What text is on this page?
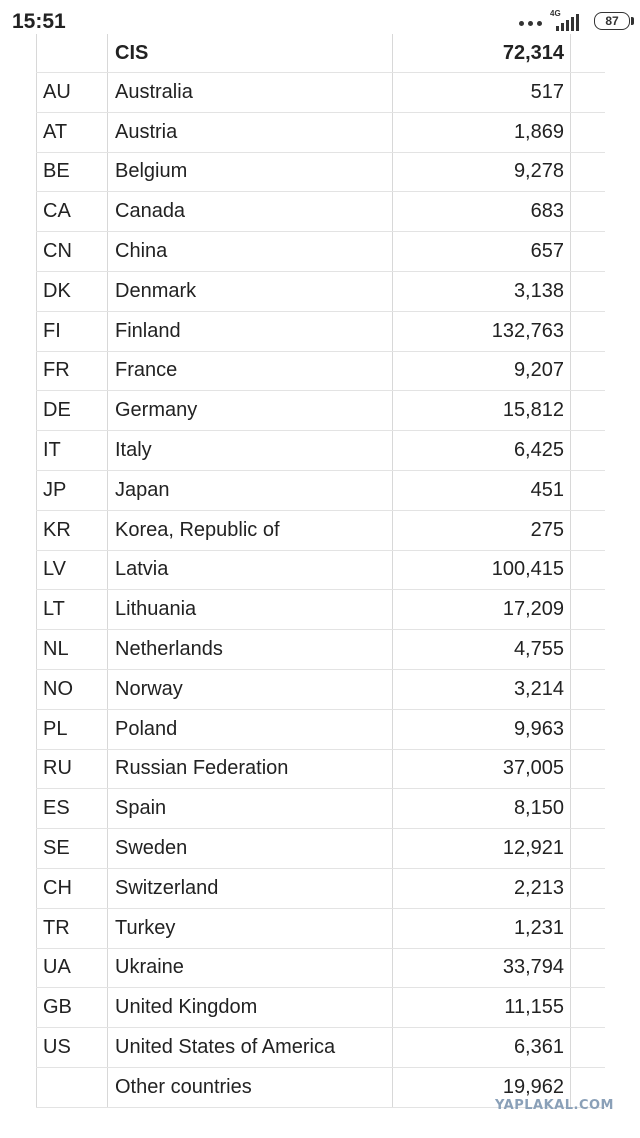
15:51	4G
87
	CIS	72,314	
AU	Australia	517	
AT	Austria	1,869	
BE	Belgium	9,278	
CA	Canada	683	
CN	China	657	
DK	Denmark	3,138	
FI	Finland	132,763	
FR	France	9,207	
DE	Germany	15,812	
IT	Italy	6,425	
JP	Japan	451	
KR	Korea, Republic of	275	
LV	Latvia	100,415	
LT	Lithuania	17,209	
NL	Netherlands	4,755	
NO	Norway	3,214	
PL	Poland	9,963	
RU	Russian Federation	37,005	
ES	Spain	8,150	
SE	Sweden	12,921	
CH	Switzerland	2,213	
TR	Turkey	1,231	
UA	Ukraine	33,794	
GB	United Kingdom	11,155	
US	United States of America	6,361	
	Other countries	19,962	
YAPLAKAL.COM
